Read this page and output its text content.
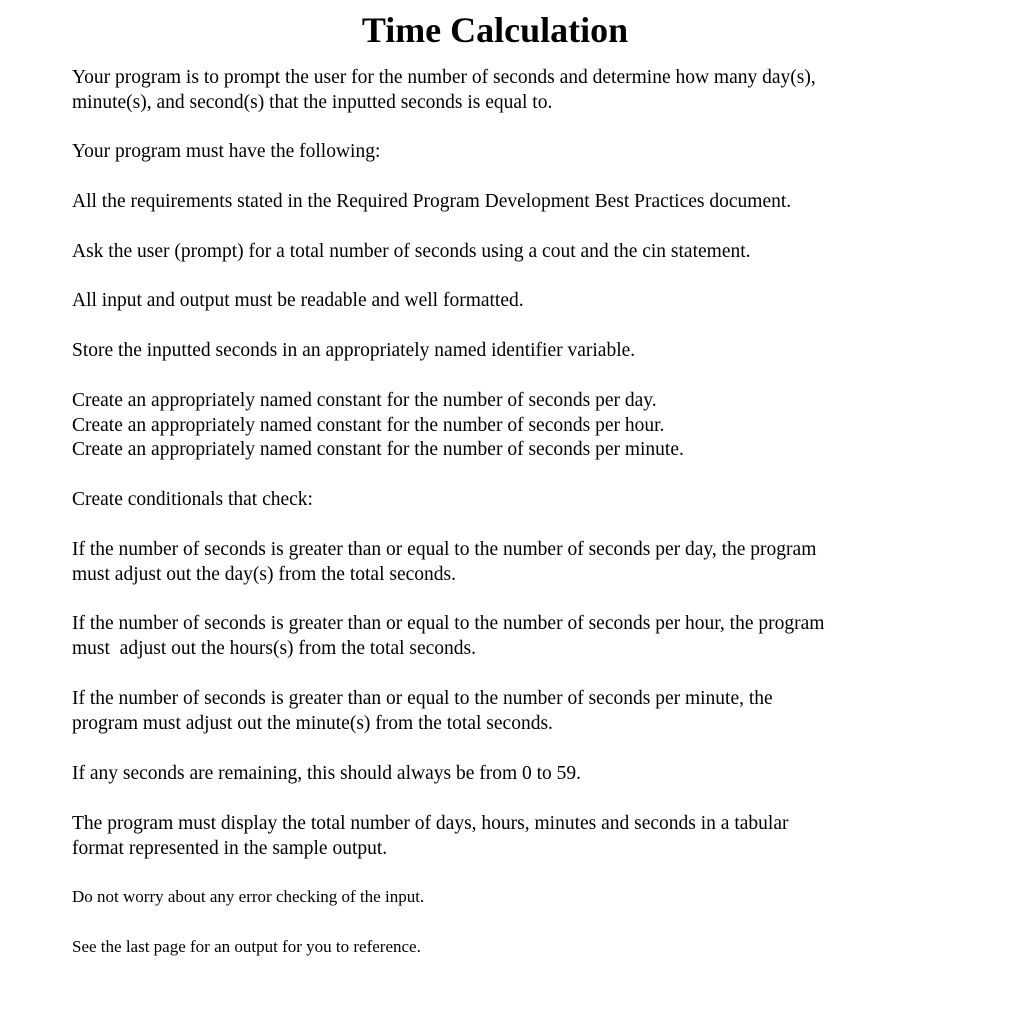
Time Calculation

Your program is to prompt the user for the number of seconds and determine how many day(s),
minute(s), and second(s) that the inputted seconds is equal to.

Your program must have the following:

All the requirements stated in the Required Program Development Best Practices document.

Ask the user (prompt) for a total number of seconds using a cout and the cin statement.

All input and output must be readable and well formatted.

Store the inputted seconds in an appropriately named identifier variable.

Create an appropriately named constant for the number of seconds per day.
Create an appropriately named constant for the number of seconds per hour.
Create an appropriately named constant for the number of seconds per minute.

Create conditionals that check:

If the number of seconds is greater than or equal to the number of seconds per day, the program
must adjust out the day(s) from the total seconds.

If the number of seconds is greater than or equal to the number of seconds per hour, the program
must  adjust out the hours(s) from the total seconds.

If the number of seconds is greater than or equal to the number of seconds per minute, the
program must adjust out the minute(s) from the total seconds.

If any seconds are remaining, this should always be from 0 to 59.

The program must display the total number of days, hours, minutes and seconds in a tabular
format represented in the sample output.

Do not worry about any error checking of the input.

See the last page for an output for you to reference.
